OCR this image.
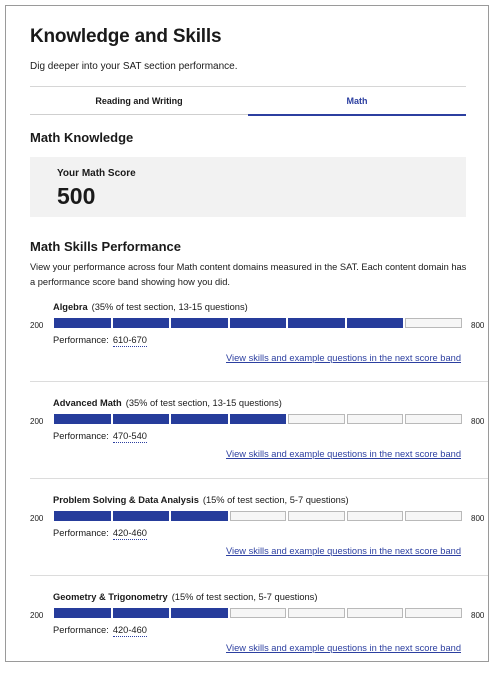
Knowledge and Skills
Dig deeper into your SAT section performance.
Reading and Writing	Math
Math Knowledge
Your Math Score
500
Math Skills Performance
View your performance across four Math content domains measured in the SAT. Each content domain has a performance score band showing how you did.
Algebra (35% of test section, 13-15 questions)
200	800
Performance: 610-670
View skills and example questions in the next score band
Advanced Math (35% of test section, 13-15 questions)
200	800
Performance: 470-540
View skills and example questions in the next score band
Problem Solving & Data Analysis (15% of test section, 5-7 questions)
200	800
Performance: 420-460
View skills and example questions in the next score band
Geometry & Trigonometry (15% of test section, 5-7 questions)
200	800
Performance: 420-460
View skills and example questions in the next score band
